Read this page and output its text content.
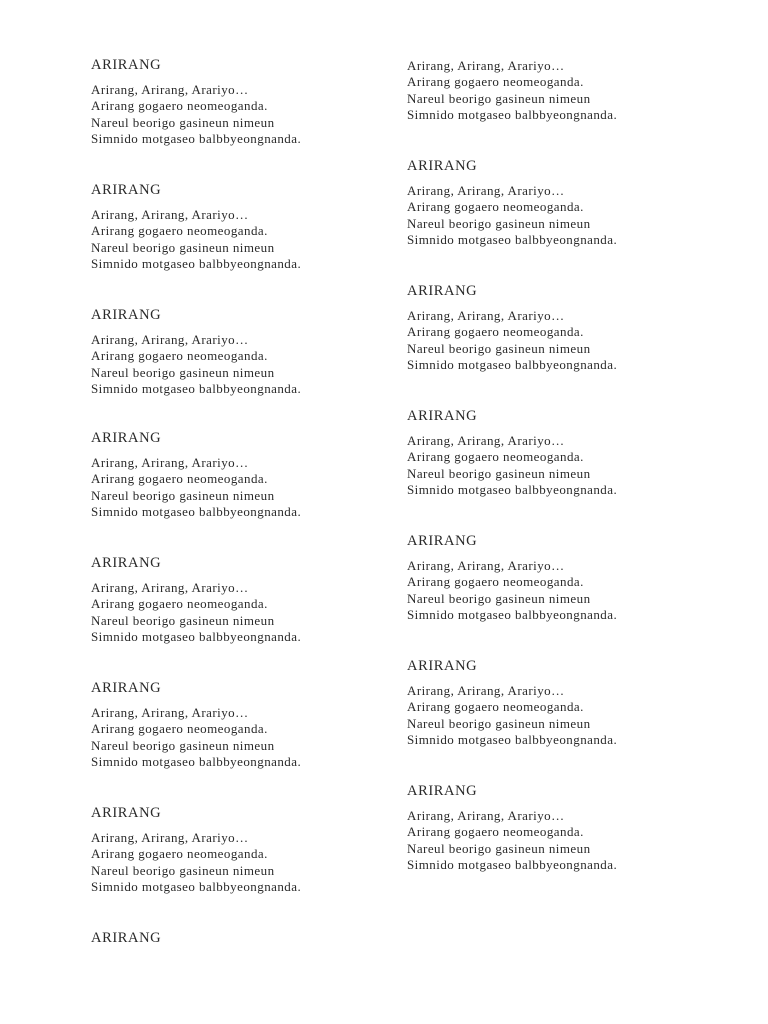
ARIRANG
Arirang, Arirang, Arariyo…
Arirang gogaero neomeoganda.
Nareul beorigo gasineun nimeun
Simnido motgaseo balbbyeongnanda.
ARIRANG
Arirang, Arirang, Arariyo…
Arirang gogaero neomeoganda.
Nareul beorigo gasineun nimeun
Simnido motgaseo balbbyeongnanda.
ARIRANG
Arirang, Arirang, Arariyo…
Arirang gogaero neomeoganda.
Nareul beorigo gasineun nimeun
Simnido motgaseo balbbyeongnanda.
ARIRANG
Arirang, Arirang, Arariyo…
Arirang gogaero neomeoganda.
Nareul beorigo gasineun nimeun
Simnido motgaseo balbbyeongnanda.
ARIRANG
Arirang, Arirang, Arariyo…
Arirang gogaero neomeoganda.
Nareul beorigo gasineun nimeun
Simnido motgaseo balbbyeongnanda.
ARIRANG
Arirang, Arirang, Arariyo…
Arirang gogaero neomeoganda.
Nareul beorigo gasineun nimeun
Simnido motgaseo balbbyeongnanda.
ARIRANG
Arirang, Arirang, Arariyo…
Arirang gogaero neomeoganda.
Nareul beorigo gasineun nimeun
Simnido motgaseo balbbyeongnanda.
ARIRANG
Arirang, Arirang, Arariyo…
Arirang gogaero neomeoganda.
Nareul beorigo gasineun nimeun
Simnido motgaseo balbbyeongnanda.
ARIRANG
Arirang, Arirang, Arariyo…
Arirang gogaero neomeoganda.
Nareul beorigo gasineun nimeun
Simnido motgaseo balbbyeongnanda.
ARIRANG
Arirang, Arirang, Arariyo…
Arirang gogaero neomeoganda.
Nareul beorigo gasineun nimeun
Simnido motgaseo balbbyeongnanda.
ARIRANG
Arirang, Arirang, Arariyo…
Arirang gogaero neomeoganda.
Nareul beorigo gasineun nimeun
Simnido motgaseo balbbyeongnanda.
ARIRANG
Arirang, Arirang, Arariyo…
Arirang gogaero neomeoganda.
Nareul beorigo gasineun nimeun
Simnido motgaseo balbbyeongnanda.
ARIRANG
Arirang, Arirang, Arariyo…
Arirang gogaero neomeoganda.
Nareul beorigo gasineun nimeun
Simnido motgaseo balbbyeongnanda.
ARIRANG
Arirang, Arirang, Arariyo…
Arirang gogaero neomeoganda.
Nareul beorigo gasineun nimeun
Simnido motgaseo balbbyeongnanda.
